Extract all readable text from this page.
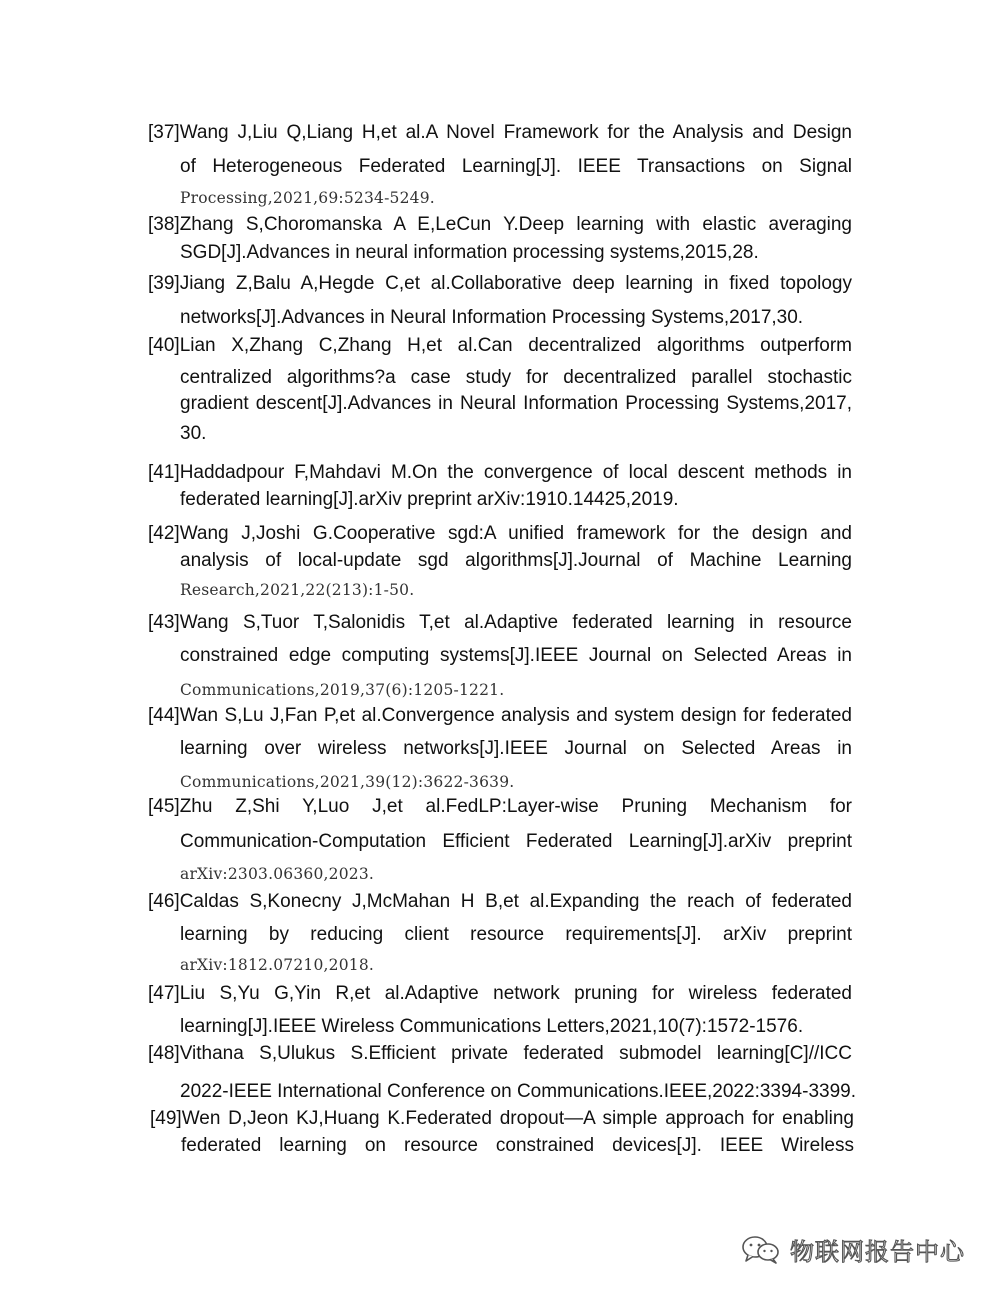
[37]Wang J,Liu Q,Liang H,et al.A Novel Framework for the Analysis and Design
of Heterogeneous Federated Learning[J]. IEEE Transactions on Signal
Processing,2021,69:5234-5249.
[38]Zhang S,Choromanska A E,LeCun Y.Deep learning with elastic averaging
SGD[J].Advances in neural information processing systems,2015,28.
[39]Jiang Z,Balu A,Hegde C,et al.Collaborative deep learning in fixed topology
networks[J].Advances in Neural Information Processing Systems,2017,30.
[40]Lian X,Zhang C,Zhang H,et al.Can decentralized algorithms outperform
centralized algorithms?a case study for decentralized parallel stochastic
gradient descent[J].Advances in Neural Information Processing Systems,2017,
30.
[41]Haddadpour F,Mahdavi M.On the convergence of local descent methods in
federated learning[J].arXiv preprint arXiv:1910.14425,2019.
[42]Wang J,Joshi G.Cooperative sgd:A unified framework for the design and
analysis of local-update sgd algorithms[J].Journal of Machine Learning
Research,2021,22(213):1-50.
[43]Wang S,Tuor T,Salonidis T,et al.Adaptive federated learning in resource
constrained edge computing systems[J].IEEE Journal on Selected Areas in
Communications,2019,37(6):1205-1221.
[44]Wan S,Lu J,Fan P,et al.Convergence analysis and system design for federated
learning over wireless networks[J].IEEE Journal on Selected Areas in
Communications,2021,39(12):3622-3639.
[45]Zhu Z,Shi Y,Luo J,et al.FedLP:Layer-wise Pruning Mechanism for
Communication-Computation Efficient Federated Learning[J].arXiv preprint
arXiv:2303.06360,2023.
[46]Caldas S,Konecny J,McMahan H B,et al.Expanding the reach of federated
learning by reducing client resource requirements[J]. arXiv preprint
arXiv:1812.07210,2018.
[47]Liu S,Yu G,Yin R,et al.Adaptive network pruning for wireless federated
learning[J].IEEE Wireless Communications Letters,2021,10(7):1572-1576.
[48]Vithana S,Ulukus S.Efficient private federated submodel learning[C]//ICC
2022-IEEE International Conference on Communications.IEEE,2022:3394-3399.
[49]Wen D,Jeon KJ,Huang K.Federated dropout—A simple approach for enabling
federated learning on resource constrained devices[J]. IEEE Wireless
物联网报告中心
